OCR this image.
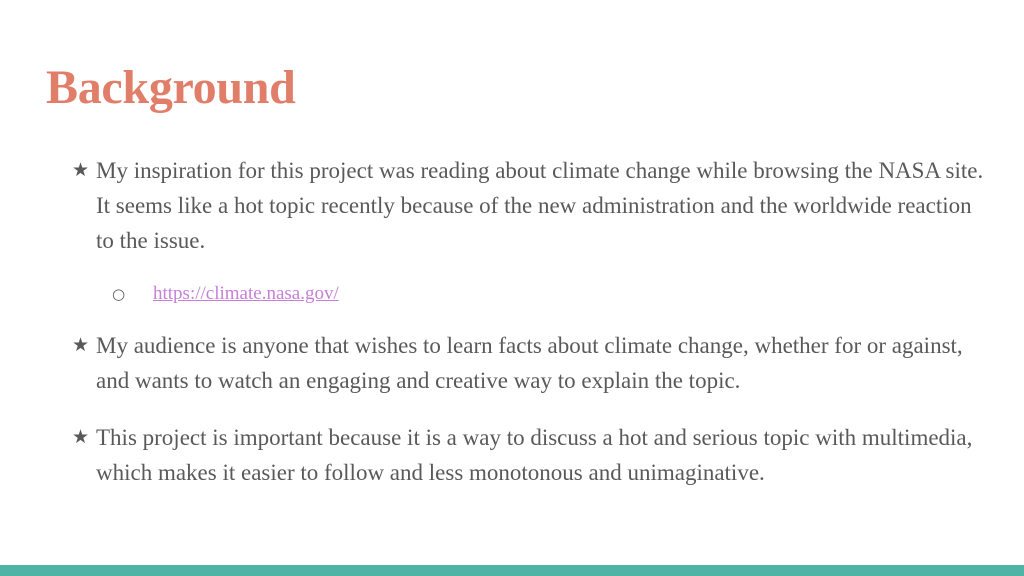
Background
★ My inspiration for this project was reading about climate change while browsing the NASA site. It seems like a hot topic recently because of the new administration and the worldwide reaction to the issue.
○ https://climate.nasa.gov/
★ My audience is anyone that wishes to learn facts about climate change, whether for or against, and wants to watch an engaging and creative way to explain the topic.
★ This project is important because it is a way to discuss a hot and serious topic with multimedia, which makes it easier to follow and less monotonous and unimaginative.
